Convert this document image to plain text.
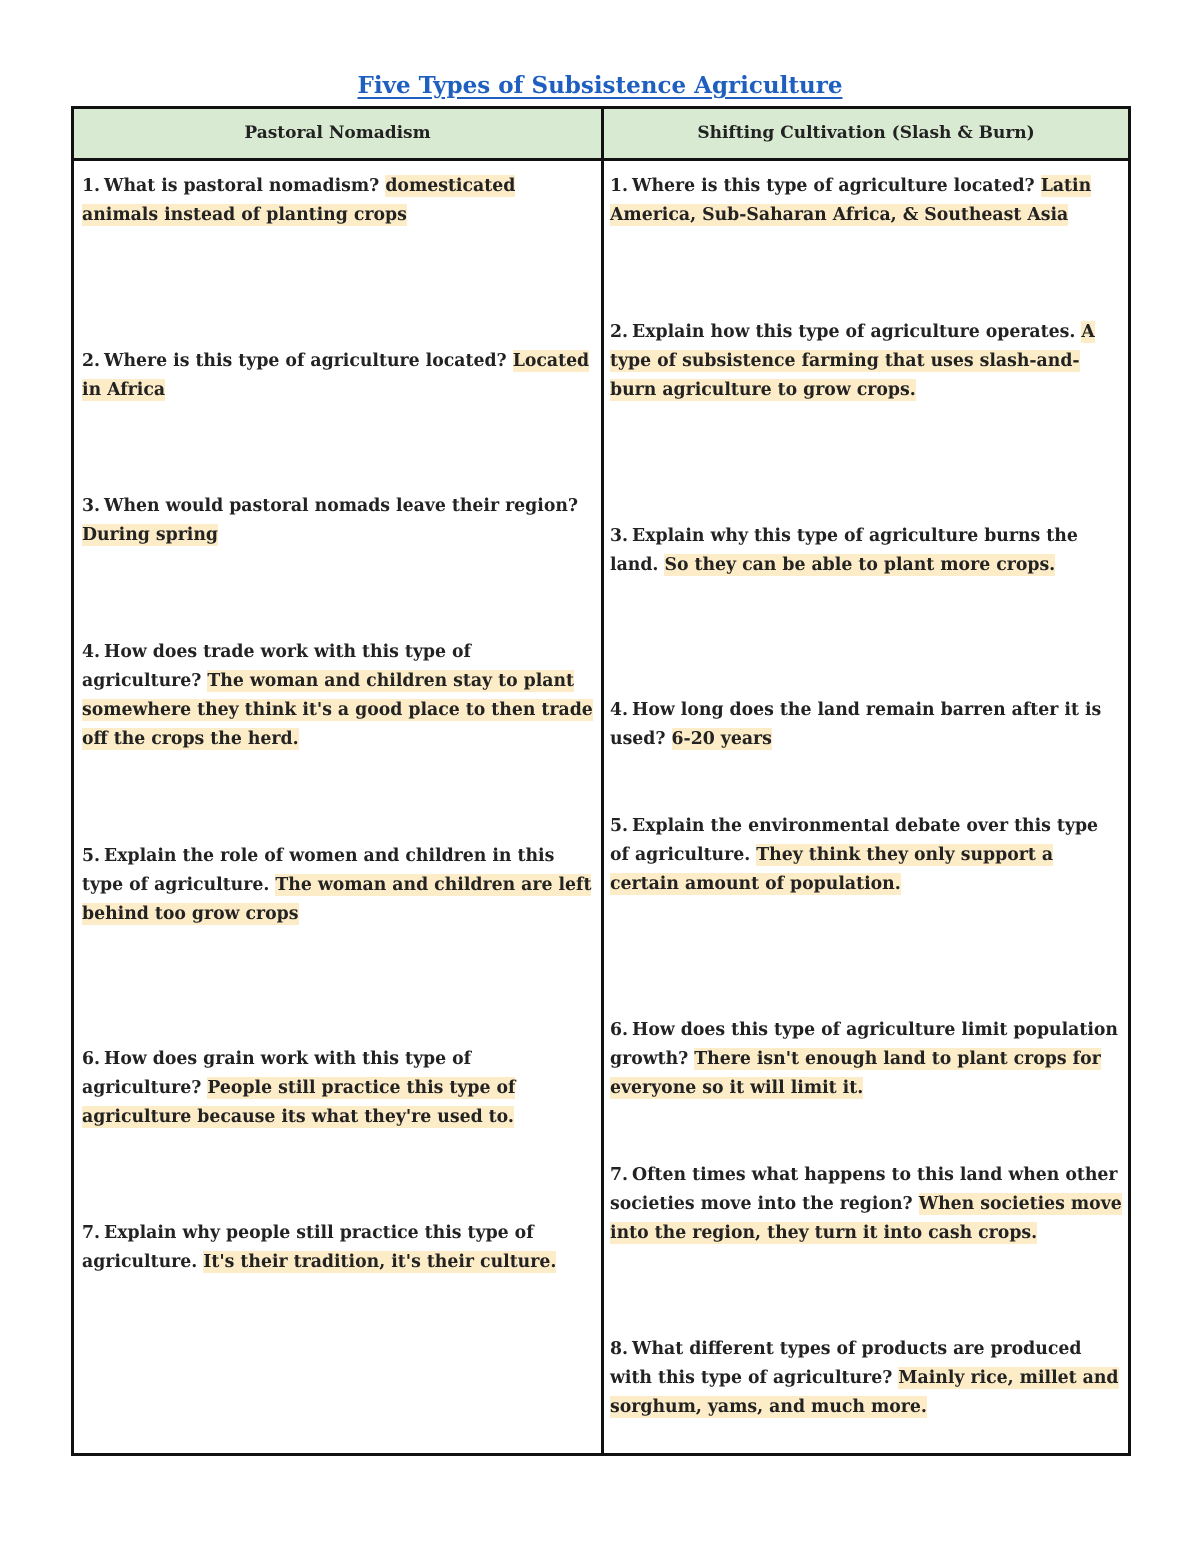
Five Types of Subsistence Agriculture
Pastoral Nomadism	Shifting Cultivation (Slash & Burn)
1. What is pastoral nomadism? domesticated animals instead of planting crops
2. Where is this type of agriculture located? Located in Africa
3. When would pastoral nomads leave their region? During spring
4. How does trade work with this type of agriculture? The woman and children stay to plant somewhere they think it's a good place to then trade off the crops the herd.
5. Explain the role of women and children in this type of agriculture. The woman and children are left behind too grow crops
6. How does grain work with this type of agriculture? People still practice this type of agriculture because its what they're used to.
7. Explain why people still practice this type of agriculture. It's their tradition, it's their culture.
1. Where is this type of agriculture located? Latin America, Sub-Saharan Africa, & Southeast Asia
2. Explain how this type of agriculture operates. A type of subsistence farming that uses slash-and-burn agriculture to grow crops.
3. Explain why this type of agriculture burns the land. So they can be able to plant more crops.
4. How long does the land remain barren after it is used? 6-20 years
5. Explain the environmental debate over this type of agriculture. They think they only support a certain amount of population.
6. How does this type of agriculture limit population growth? There isn't enough land to plant crops for everyone so it will limit it.
7. Often times what happens to this land when other societies move into the region? When societies move into the region, they turn it into cash crops.
8. What different types of products are produced with this type of agriculture? Mainly rice, millet and sorghum, yams, and much more.
